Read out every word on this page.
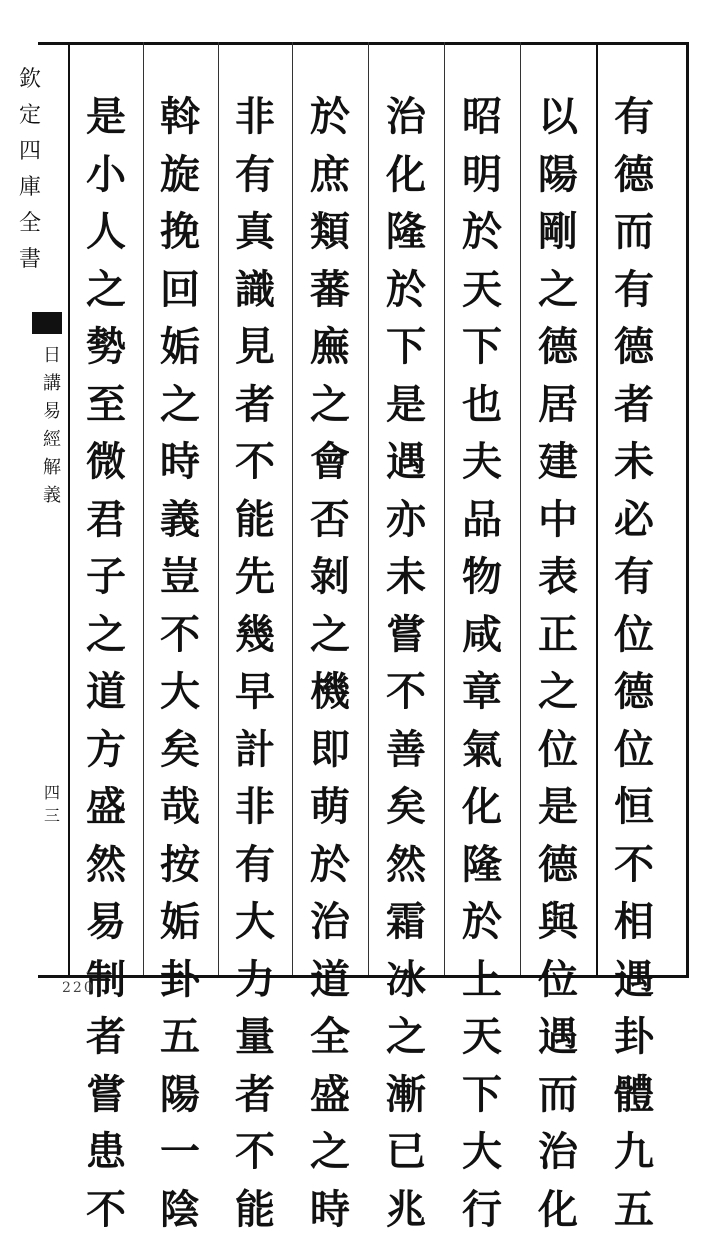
欽
定
四
庫
全
書
日
講
易
經
解
義
四三
有
德
而
有
德
者
未
必
有
位
德
位
恒
不
相
遇
卦
體
九
五
以
陽
剛
之
德
居
建
中
表
正
之
位
是
德
與
位
遇
而
治
化
昭
明
於
天
下
也
夫
品
物
咸
章
氣
化
隆
於
上
天
下
大
行
治
化
隆
於
下
是
遇
亦
未
嘗
不
善
矣
然
霜
冰
之
漸
已
兆
於
庶
類
蕃
廡
之
會
否
剝
之
機
即
萌
於
治
道
全
盛
之
時
非
有
真
識
見
者
不
能
先
幾
早
計
非
有
大
力
量
者
不
能
斡
旋
挽
回
姤
之
時
義
豈
不
大
矣
哉
按
姤
卦
五
陽
一
陰
是
小
人
之
勢
至
微
君
子
之
道
方
盛
然
易
制
者
嘗
患
不
220
